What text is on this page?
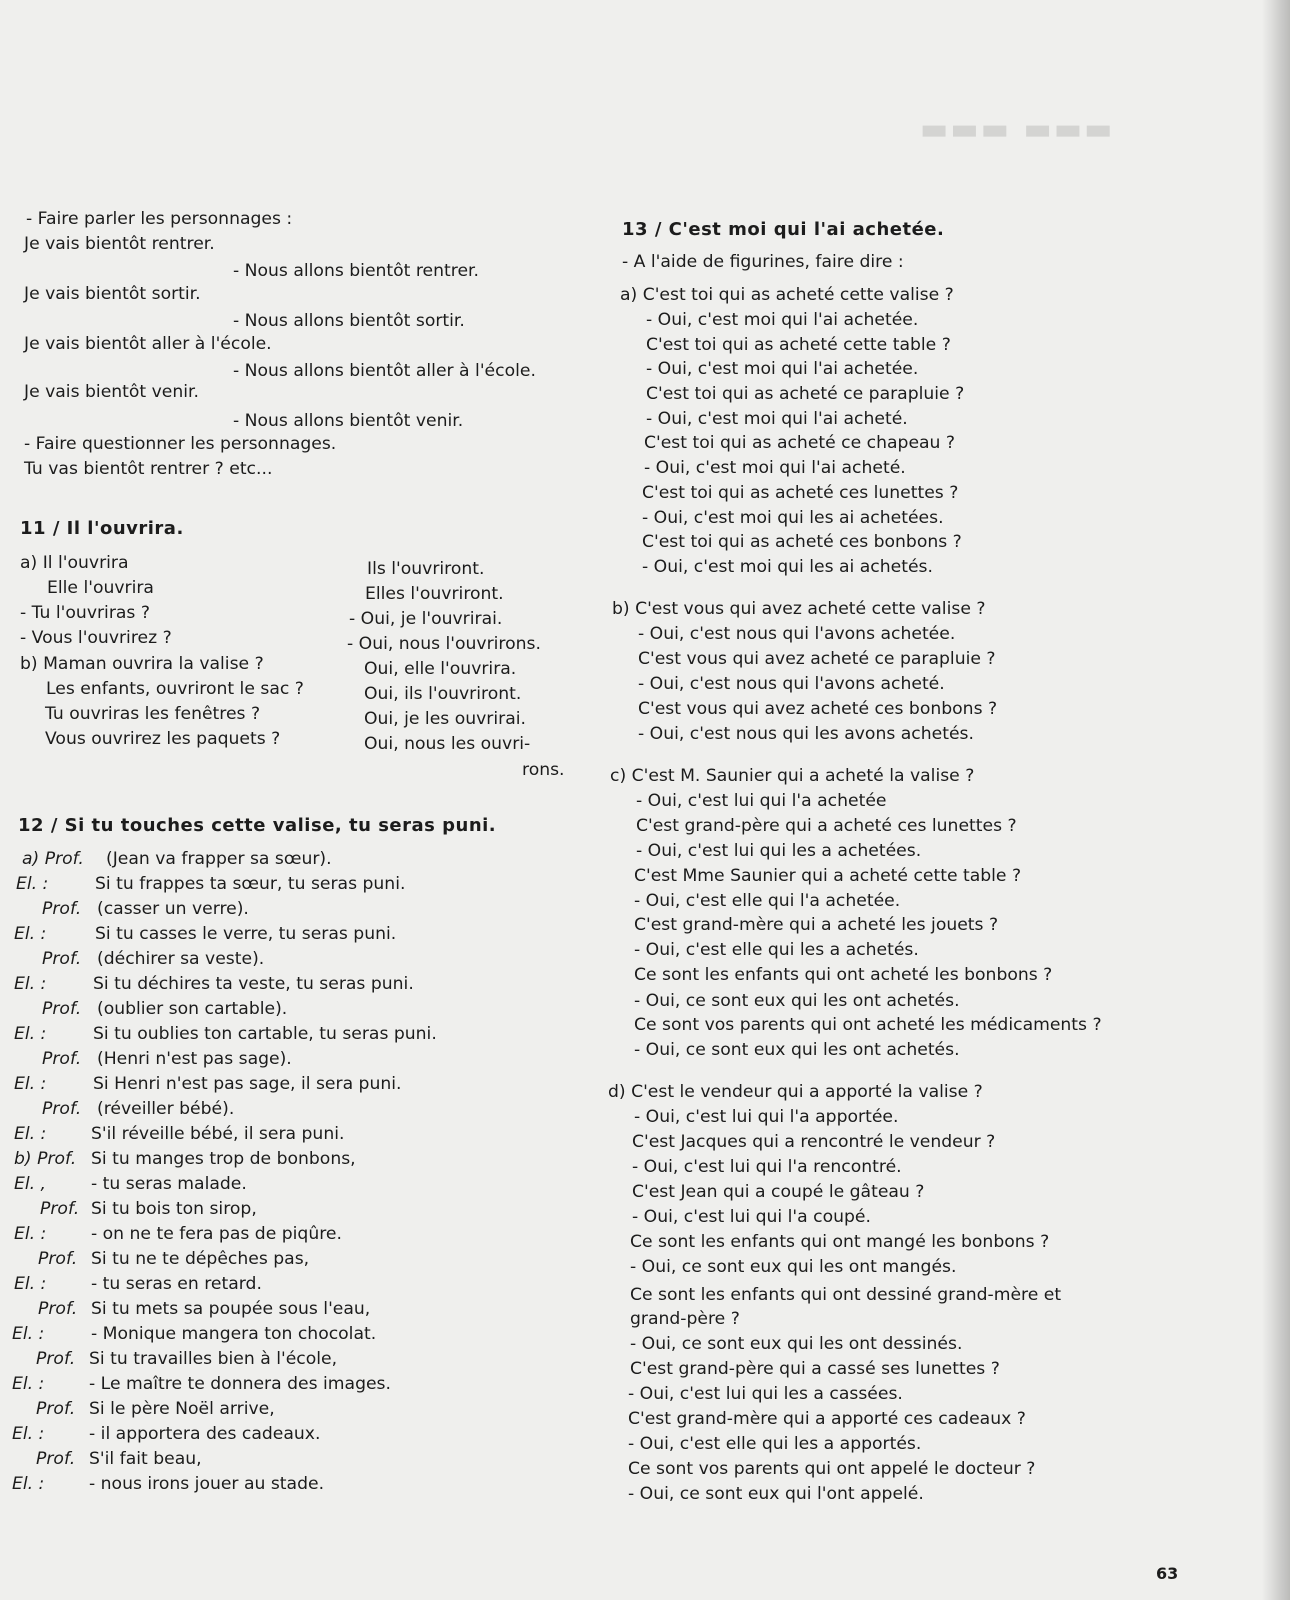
▬▬▬ ▬▬▬
- Faire parler les personnages :
Je vais bientôt rentrer.
- Nous allons bientôt rentrer.
Je vais bientôt sortir.
- Nous allons bientôt sortir.
Je vais bientôt aller à l'école.
- Nous allons bientôt aller à l'école.
Je vais bientôt venir.
- Nous allons bientôt venir.
- Faire questionner les personnages.
Tu vas bientôt rentrer ? etc...
11 / Il l'ouvrira.
a) Il l'ouvrira	Ils l'ouvriront.
Elle l'ouvrira	Elles l'ouvriront.
- Tu l'ouvriras ?	- Oui, je l'ouvrirai.
- Vous l'ouvrirez ?	- Oui, nous l'ouvrirons.
b) Maman ouvrira la valise ?	Oui, elle l'ouvrira.
Les enfants, ouvriront le sac ?	Oui, ils l'ouvriront.
Tu ouvriras les fenêtres ?	Oui, je les ouvrirai.
Vous ouvrirez les paquets ?	Oui, nous les ouvri-
rons.
12 / Si tu touches cette valise, tu seras puni.
a) Prof. (Jean va frapper sa sœur).
El. :	Si tu frappes ta sœur, tu seras puni.
Prof. (casser un verre).
El. :	Si tu casses le verre, tu seras puni.
Prof. (déchirer sa veste).
El. :	Si tu déchires ta veste, tu seras puni.
Prof. (oublier son cartable).
El. :	Si tu oublies ton cartable, tu seras puni.
Prof. (Henri n'est pas sage).
El. :	Si Henri n'est pas sage, il sera puni.
Prof. (réveiller bébé).
El. :	S'il réveille bébé, il sera puni.
b) Prof. Si tu manges trop de bonbons,
El. ,	- tu seras malade.
Prof. Si tu bois ton sirop,
El. :	- on ne te fera pas de piqûre.
Prof. Si tu ne te dépêches pas,
El. :	- tu seras en retard.
Prof. Si tu mets sa poupée sous l'eau,
El. :	- Monique mangera ton chocolat.
Prof. Si tu travailles bien à l'école,
El. :	- Le maître te donnera des images.
Prof. Si le père Noël arrive,
El. :	- il apportera des cadeaux.
Prof. S'il fait beau,
El. :	- nous irons jouer au stade.
13 / C'est moi qui l'ai achetée.
- A l'aide de figurines, faire dire :
a) C'est toi qui as acheté cette valise ?
- Oui, c'est moi qui l'ai achetée.
C'est toi qui as acheté cette table ?
- Oui, c'est moi qui l'ai achetée.
C'est toi qui as acheté ce parapluie ?
- Oui, c'est moi qui l'ai acheté.
C'est toi qui as acheté ce chapeau ?
- Oui, c'est moi qui l'ai acheté.
C'est toi qui as acheté ces lunettes ?
- Oui, c'est moi qui les ai achetées.
C'est toi qui as acheté ces bonbons ?
- Oui, c'est moi qui les ai achetés.
b) C'est vous qui avez acheté cette valise ?
- Oui, c'est nous qui l'avons achetée.
C'est vous qui avez acheté ce parapluie ?
- Oui, c'est nous qui l'avons acheté.
C'est vous qui avez acheté ces bonbons ?
- Oui, c'est nous qui les avons achetés.
c) C'est M. Saunier qui a acheté la valise ?
- Oui, c'est lui qui l'a achetée
C'est grand-père qui a acheté ces lunettes ?
- Oui, c'est lui qui les a achetées.
C'est Mme Saunier qui a acheté cette table ?
- Oui, c'est elle qui l'a achetée.
C'est grand-mère qui a acheté les jouets ?
- Oui, c'est elle qui les a achetés.
Ce sont les enfants qui ont acheté les bonbons ?
- Oui, ce sont eux qui les ont achetés.
Ce sont vos parents qui ont acheté les médicaments ?
- Oui, ce sont eux qui les ont achetés.
d) C'est le vendeur qui a apporté la valise ?
- Oui, c'est lui qui l'a apportée.
C'est Jacques qui a rencontré le vendeur ?
- Oui, c'est lui qui l'a rencontré.
C'est Jean qui a coupé le gâteau ?
- Oui, c'est lui qui l'a coupé.
Ce sont les enfants qui ont mangé les bonbons ?
- Oui, ce sont eux qui les ont mangés.
Ce sont les enfants qui ont dessiné grand-mère et
grand-père ?
- Oui, ce sont eux qui les ont dessinés.
C'est grand-père qui a cassé ses lunettes ?
- Oui, c'est lui qui les a cassées.
C'est grand-mère qui a apporté ces cadeaux ?
- Oui, c'est elle qui les a apportés.
Ce sont vos parents qui ont appelé le docteur ?
- Oui, ce sont eux qui l'ont appelé.
63
